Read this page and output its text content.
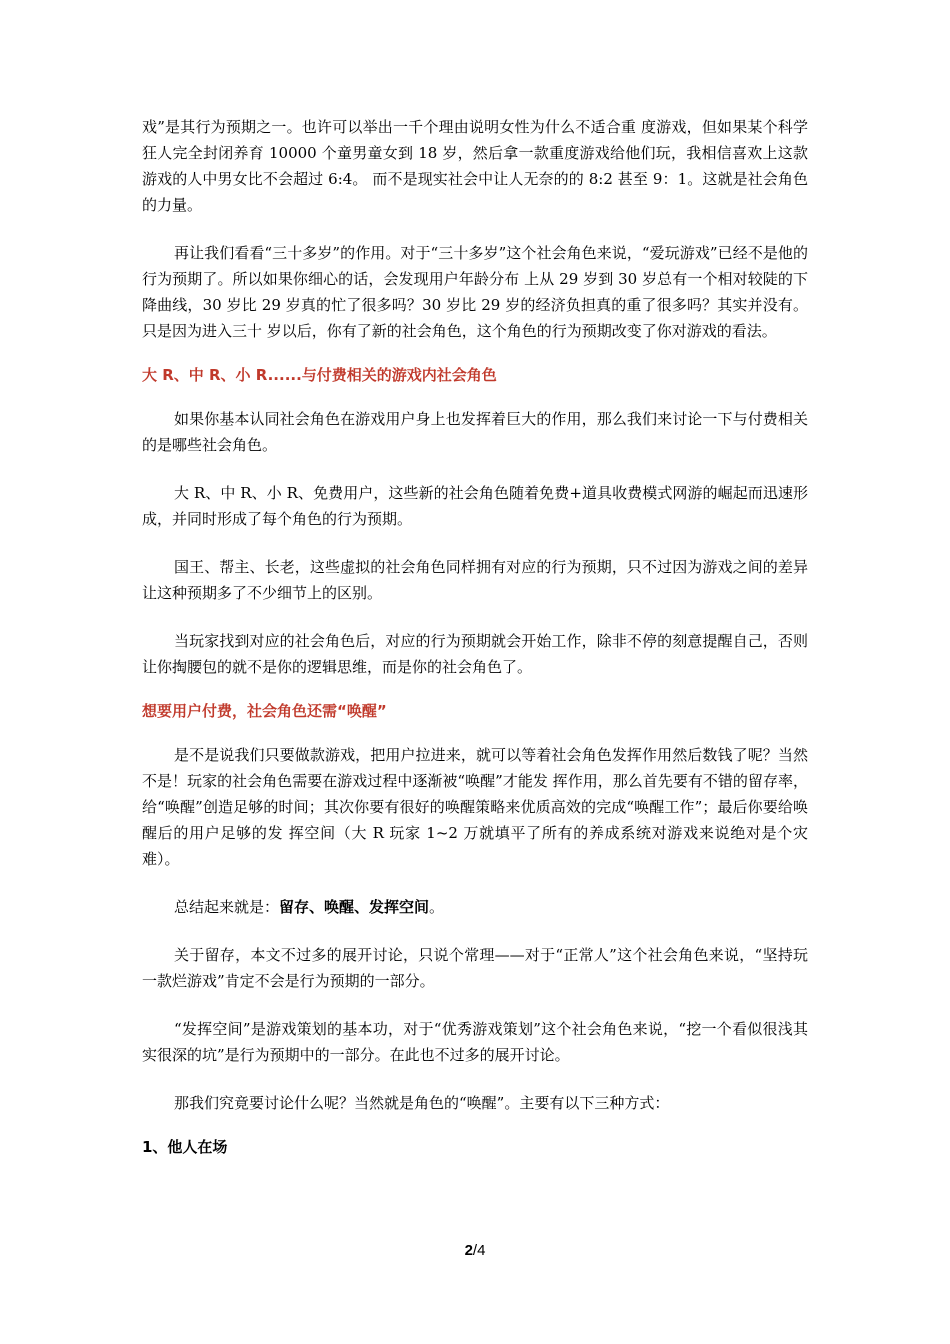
戏”是其行为预期之一。也许可以举出一千个理由说明女性为什么不适合重 度游戏，但如果某个科学狂人完全封闭养育 10000 个童男童女到 18 岁，然后拿一款重度游戏给他们玩，我相信喜欢上这款游戏的人中男女比不会超过 6:4。 而不是现实社会中让人无奈的的 8:2 甚至 9：1。这就是社会角色的力量。

再让我们看看“三十多岁”的作用。对于“三十多岁”这个社会角色来说，“爱玩游戏”已经不是他的行为预期了。所以如果你细心的话，会发现用户年龄分布 上从 29 岁到 30 岁总有一个相对较陡的下降曲线，30 岁比 29 岁真的忙了很多吗？30 岁比 29 岁的经济负担真的重了很多吗？其实并没有。只是因为进入三十 岁以后，你有了新的社会角色，这个角色的行为预期改变了你对游戏的看法。

大 R、中 R、小 R......与付费相关的游戏内社会角色

如果你基本认同社会角色在游戏用户身上也发挥着巨大的作用，那么我们来讨论一下与付费相关的是哪些社会角色。

大 R、中 R、小 R、免费用户，这些新的社会角色随着免费+道具收费模式网游的崛起而迅速形成，并同时形成了每个角色的行为预期。

国王、帮主、长老，这些虚拟的社会角色同样拥有对应的行为预期，只不过因为游戏之间的差异让这种预期多了不少细节上的区别。

当玩家找到对应的社会角色后，对应的行为预期就会开始工作，除非不停的刻意提醒自己，否则让你掏腰包的就不是你的逻辑思维，而是你的社会角色了。

想要用户付费，社会角色还需“唤醒”

是不是说我们只要做款游戏，把用户拉进来，就可以等着社会角色发挥作用然后数钱了呢？当然不是！玩家的社会角色需要在游戏过程中逐渐被“唤醒”才能发 挥作用，那么首先要有不错的留存率，给“唤醒”创造足够的时间；其次你要有很好的唤醒策略来优质高效的完成“唤醒工作”；最后你要给唤醒后的用户足够的发 挥空间（大 R 玩家 1~2 万就填平了所有的养成系统对游戏来说绝对是个灾难）。

总结起来就是：留存、唤醒、发挥空间。

关于留存，本文不过多的展开讨论，只说个常理——对于“正常人”这个社会角色来说，“坚持玩一款烂游戏”肯定不会是行为预期的一部分。

“发挥空间”是游戏策划的基本功，对于“优秀游戏策划”这个社会角色来说，“挖一个看似很浅其实很深的坑”是行为预期中的一部分。在此也不过多的展开讨论。

那我们究竟要讨论什么呢？当然就是角色的“唤醒”。主要有以下三种方式：

1、他人在场
2/4
